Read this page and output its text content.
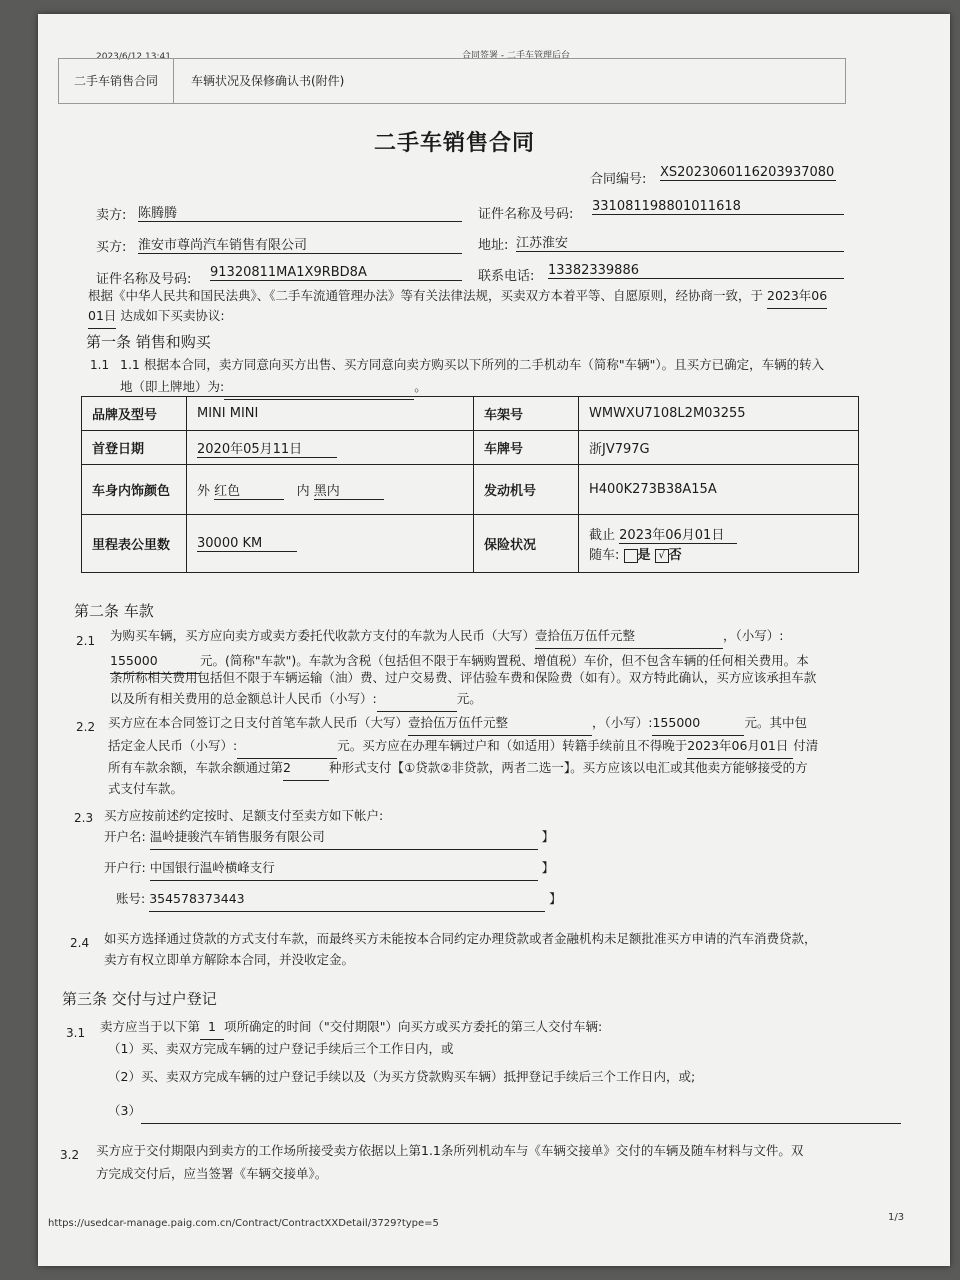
2023/6/12 13:41	合同签署 - 二手车管理后台
二手车销售合同	车辆状况及保修确认书(附件)
二手车销售合同
合同编号: XS2023060116203937080
卖方: 陈腾腾	证件名称及号码:
331081198801011618
买方: 淮安市尊尚汽车销售有限公司	地址: 江苏淮安
证件名称及号码: 91320811MA1X9RBD8A	联系电话: 13382339886
根据《中华人民共和国民法典》、《二手车流通管理办法》等有关法律法规，买卖双方本着平等、自愿原则，经协商一致，于 2023年06
01日 达成如下买卖协议:
第一条 销售和购买
1.1 1.1 根据本合同，卖方同意向买方出售、买方同意向卖方购买以下所列的二手机动车（简称"车辆"）。且买方已确定，车辆的转入
地（即上牌地）为:	。
品牌及型号	MINI MINI	车架号	WMWXU7108L2M03255
首登日期	2020年05月11日	车牌号	浙JV797G
车身内饰颜色	外 红色 内 黑内	发动机号	H400K273B38A15A
里程表公里数	30000 KM	保险状况	截止 2023年06月01日
随车: 是 √ 否
第二条 车款
2.1 为购买车辆，买方应向卖方或卖方委托代收款方支付的车款为人民币（大写）壹拾伍万伍仟元整	，（小写）:
155000	元。(简称"车款")。车款为含税（包括但不限于车辆购置税、增值税）车价，但不包含车辆的任何相关费用。本
条所称相关费用包括但不限于车辆运输（油）费、过户交易费、评估验车费和保险费（如有）。双方特此确认，买方应该承担车款
以及所有相关费用的总金额总计人民币（小写）:	元。
2.2 买方应在本合同签订之日支付首笔车款人民币（大写）壹拾伍万伍仟元整	，（小写）:155000	元。其中包
括定金人民币（小写）:	元。买方应在办理车辆过户和（如适用）转籍手续前且不得晚于2023年06月01日 付清
所有车款余额，车款余额通过第2	种形式支付【①贷款②非贷款，两者二选一】。买方应该以电汇或其他卖方能够接受的方
式支付车款。
2.3 买方应按前述约定按时、足额支付至卖方如下帐户:
开户名: 温岭捷骏汽车销售服务有限公司	】
开户行: 中国银行温岭横峰支行	】
账号: 354578373443	】
2.4 如买方选择通过贷款的方式支付车款，而最终买方未能按本合同约定办理贷款或者金融机构未足额批准买方申请的汽车消费贷款，
卖方有权立即单方解除本合同，并没收定金。
第三条 交付与过户登记
3.1 卖方应当于以下第 1 项所确定的时间（"交付期限"）向买方或买方委托的第三人交付车辆:
（1）买、卖双方完成车辆的过户登记手续后三个工作日内，或
（2）买、卖双方完成车辆的过户登记手续以及（为买方贷款购买车辆）抵押登记手续后三个工作日内，或;
（3）
3.2 买方应于交付期限内到卖方的工作场所接受卖方依据以上第1.1条所列机动车与《车辆交接单》交付的车辆及随车材料与文件。双
方完成交付后，应当签署《车辆交接单》。
https://usedcar-manage.paig.com.cn/Contract/ContractXXDetail/3729?type=5
1/3
